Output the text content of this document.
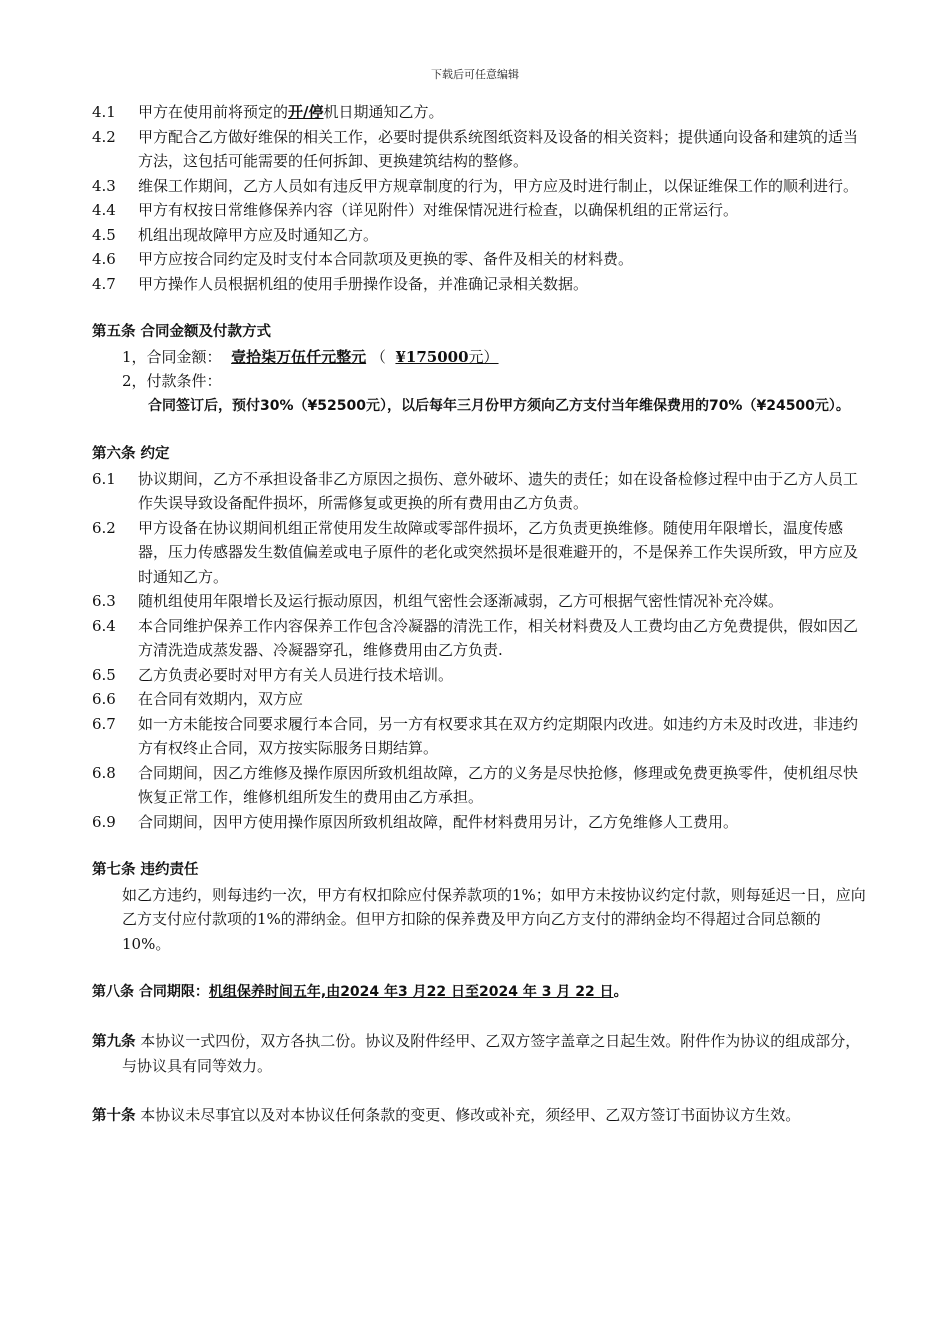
下载后可任意编辑
4.1	甲方在使用前将预定的开/停机日期通知乙方。
4.2	甲方配合乙方做好维保的相关工作，必要时提供系统图纸资料及设备的相关资料；提供通向设备和建筑的适当方法，这包括可能需要的任何拆卸、更换建筑结构的整修。
4.3	维保工作期间，乙方人员如有违反甲方规章制度的行为，甲方应及时进行制止，以保证维保工作的顺利进行。
4.4	甲方有权按日常维修保养内容（详见附件）对维保情况进行检查，以确保机组的正常运行。
4.5	机组出现故障甲方应及时通知乙方。
4.6	甲方应按合同约定及时支付本合同款项及更换的零、备件及相关的材料费。
4.7	甲方操作人员根据机组的使用手册操作设备，并准确记录相关数据。
第五条 合同金额及付款方式
1，合同金额： 壹拾柒万伍仟元整元 （ ¥175000元）
2，付款条件：
合同签订后，预付30%（¥52500元），以后每年三月份甲方须向乙方支付当年维保费用的70%（¥24500元）。
第六条 约定
6.1	协议期间，乙方不承担设备非乙方原因之损伤、意外破坏、遗失的责任；如在设备检修过程中由于乙方人员工作失误导致设备配件损坏，所需修复或更换的所有费用由乙方负责。
6.2	甲方设备在协议期间机组正常使用发生故障或零部件损坏，乙方负责更换维修。随使用年限增长，温度传感器，压力传感器发生数值偏差或电子原件的老化或突然损坏是很难避开的，不是保养工作失误所致，甲方应及时通知乙方。
6.3	随机组使用年限增长及运行振动原因，机组气密性会逐渐减弱，乙方可根据气密性情况补充冷媒。
6.4	本合同维护保养工作内容保养工作包含冷凝器的清洗工作，相关材料费及人工费均由乙方免费提供，假如因乙方清洗造成蒸发器、冷凝器穿孔，维修费用由乙方负责.
6.5	乙方负责必要时对甲方有关人员进行技术培训。
6.6	在合同有效期内，双方应
6.7	如一方未能按合同要求履行本合同，另一方有权要求其在双方约定期限内改进。如违约方未及时改进，非违约方有权终止合同，双方按实际服务日期结算。
6.8	合同期间，因乙方维修及操作原因所致机组故障，乙方的义务是尽快抢修，修理或免费更换零件，使机组尽快恢复正常工作，维修机组所发生的费用由乙方承担。
6.9	合同期间，因甲方使用操作原因所致机组故障，配件材料费用另计，乙方免维修人工费用。
第七条 违约责任
如乙方违约，则每违约一次，甲方有权扣除应付保养款项的1%；如甲方未按协议约定付款，则每延迟一日，应向乙方支付应付款项的1%的滞纳金。但甲方扣除的保养费及甲方向乙方支付的滞纳金均不得超过合同总额的10%。
第八条 合同期限：机组保养时间五年,由2024 年3 月22 日至2024 年 3 月 22 日。
第九条 本协议一式四份，双方各执二份。协议及附件经甲、乙双方签字盖章之日起生效。附件作为协议的组成部分，与协议具有同等效力。
第十条 本协议未尽事宜以及对本协议任何条款的变更、修改或补充，须经甲、乙双方签订书面协议方生效。
